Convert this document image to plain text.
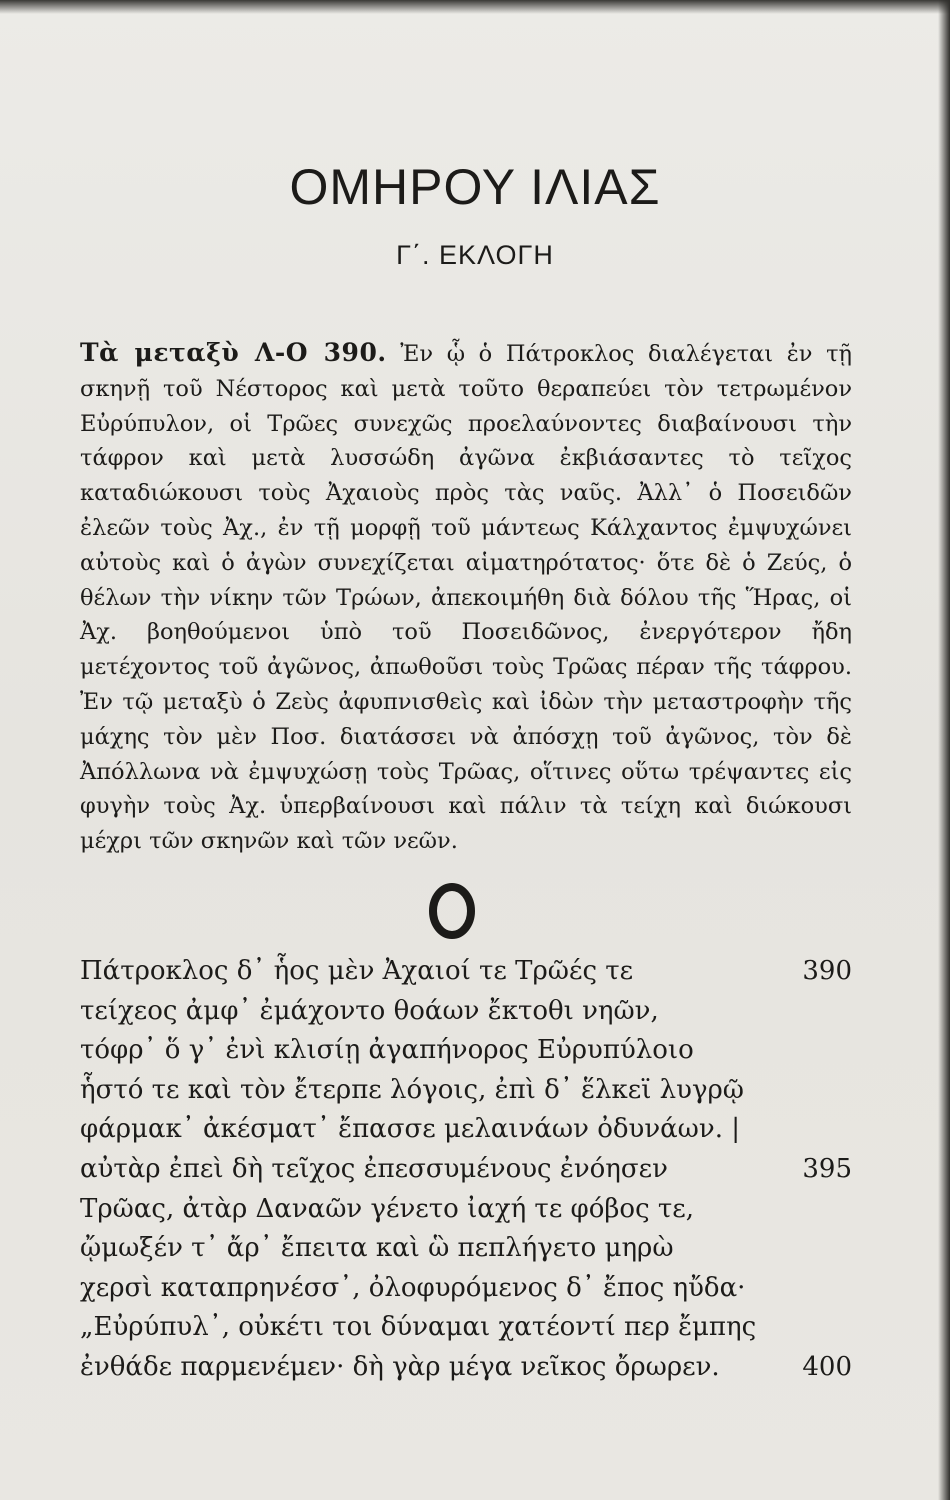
ΟΜΗΡΟΥ ΙΛΙΑΣ
Γ΄. ΕΚΛΟΓΗ
Τὰ μεταξὺ Λ-Ο 390. Ἐν ᾧ ὁ Πάτροκλος διαλέγεται ἐν τῇ σκηνῇ τοῦ Νέστορος καὶ μετὰ τοῦτο θεραπεύει τὸν τετρωμένον Εὐρύπυλον, οἱ Τρῶες συνεχῶς προελαύνοντες διαβαίνουσι τὴν τάφρον καὶ μετὰ λυσσώδη ἀγῶνα ἐκβιάσαντες τὸ τεῖχος καταδιώκουσι τοὺς Ἀχαιοὺς πρὸς τὰς ναῦς. Ἀλλ᾽ ὁ Ποσειδῶν ἐλεῶν τοὺς Ἀχ., ἐν τῇ μορφῇ τοῦ μάντεως Κάλχαντος ἐμψυχώνει αὐτοὺς καὶ ὁ ἀγὼν συνεχίζεται αἱματηρότατος· ὅτε δὲ ὁ Ζεύς, ὁ θέλων τὴν νίκην τῶν Τρώων, ἀπεκοιμήθη διὰ δόλου τῆς Ἥρας, οἱ Ἀχ. βοηθούμενοι ὑπὸ τοῦ Ποσειδῶνος, ἐνεργότερον ἤδη μετέχοντος τοῦ ἀγῶνος, ἀπωθοῦσι τοὺς Τρῶας πέραν τῆς τάφρου. Ἐν τῷ μεταξὺ ὁ Ζεὺς ἀφυπνισθεὶς καὶ ἰδὼν τὴν μεταστροφὴν τῆς μάχης τὸν μὲν Ποσ. διατάσσει νὰ ἀπόσχῃ τοῦ ἀγῶνος, τὸν δὲ Ἀπόλλωνα νὰ ἐμψυχώσῃ τοὺς Τρῶας, οἵτινες οὕτω τρέψαντες εἰς φυγὴν τοὺς Ἀχ. ὑπερβαίνουσι καὶ πάλιν τὰ τείχη καὶ διώκουσι μέχρι τῶν σκηνῶν καὶ τῶν νεῶν.
Πάτροκλος δ᾽ ἧος μὲν Ἀχαιοί τε Τρῶές τε	390
τείχεος ἀμφ᾽ ἐμάχοντο θοάων ἔκτοθι νηῶν,
τόφρ᾽ ὅ γ᾽ ἐνὶ κλισίῃ ἀγαπήνορος Εὐρυπύλοιο
ἧστό τε καὶ τὸν ἔτερπε λόγοις, ἐπὶ δ᾽ ἕλκεϊ λυγρῷ
φάρμακ᾽ ἀκέσματ᾽ ἔπασσε μελαινάων ὀδυνάων. |
αὐτὰρ ἐπεὶ δὴ τεῖχος ἐπεσσυμένους ἐνόησεν	395
Τρῶας, ἀτὰρ Δαναῶν γένετο ἰαχή τε φόβος τε,
ᾤμωξέν τ᾽ ἄρ᾽ ἔπειτα καὶ ὣ πεπλήγετο μηρὼ
χερσὶ καταπρηνέσσ᾽, ὀλοφυρόμενος δ᾽ ἔπος ηὔδα·
„Εὐρύπυλ᾽, οὐκέτι τοι δύναμαι χατέοντί περ ἔμπης
ἐνθάδε παρμενέμεν· δὴ γὰρ μέγα νεῖκος ὄρωρεν.	400
